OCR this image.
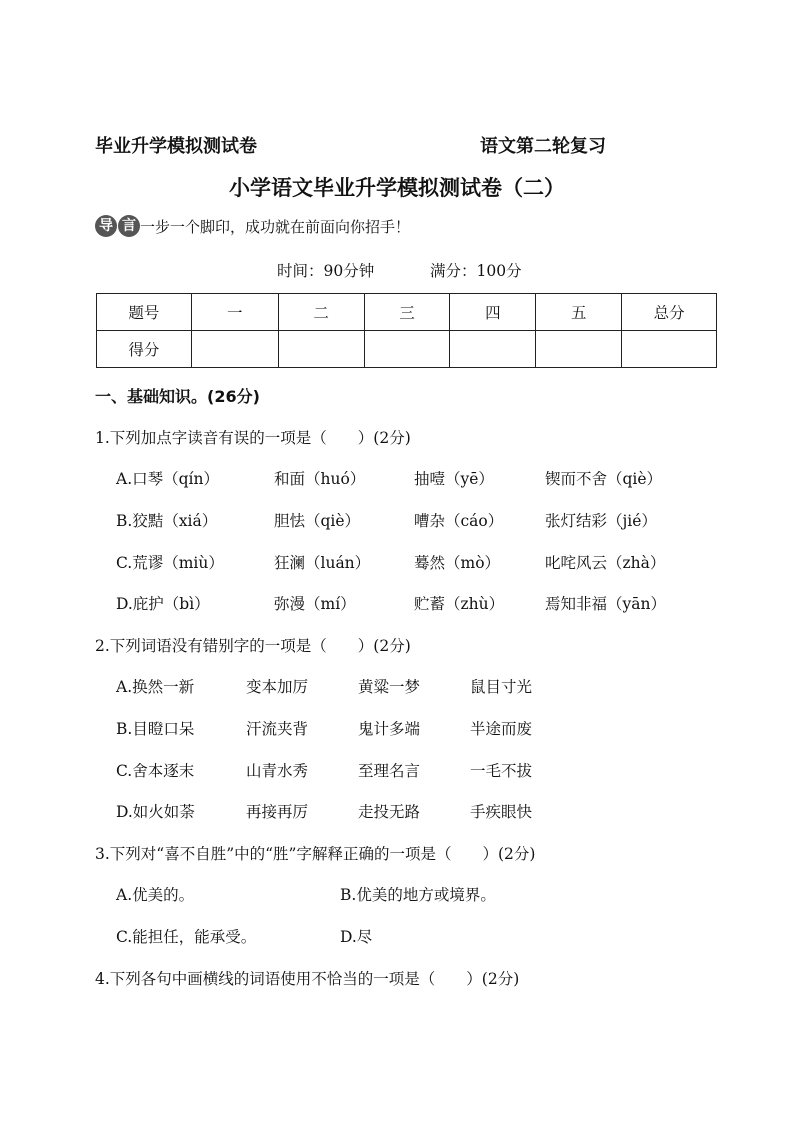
毕业升学模拟测试卷	语文第二轮复习
小学语文毕业升学模拟测试卷（二）
导 言 一步一个脚印，成功就在前面向你招手！
时间：90分钟	满分：100分
题号	一	二	三	四	五	总分
得分						
一、基础知识。(26分)
1.下列加点字读音有误的一项是（　　）(2分)
A.口琴（qín）	和面（huó）	抽噎（yē）	锲而不舍（qiè）
B.狡黠（xiá）	胆怯（qiè）	嘈杂（cáo）	张灯结彩（jié）
C.荒谬（miù）	狂澜（luán）	蓦然（mò）	叱咤风云（zhà）
D.庇护（bì）	弥漫（mí）	贮蓄（zhù）	焉知非福（yān）
2.下列词语没有错别字的一项是（　　）(2分)
A.换然一新	变本加厉	黄粱一梦	鼠目寸光
B.目瞪口呆	汗流夹背	鬼计多端	半途而废
C.舍本逐末	山青水秀	至理名言	一毛不拔
D.如火如荼	再接再厉	走投无路	手疾眼快
3.下列对“喜不自胜”中的“胜”字解释正确的一项是（　　）(2分)
A.优美的。	B.优美的地方或境界。
C.能担任，能承受。	D.尽
4.下列各句中画横线的词语使用不恰当的一项是（　　）(2分)
